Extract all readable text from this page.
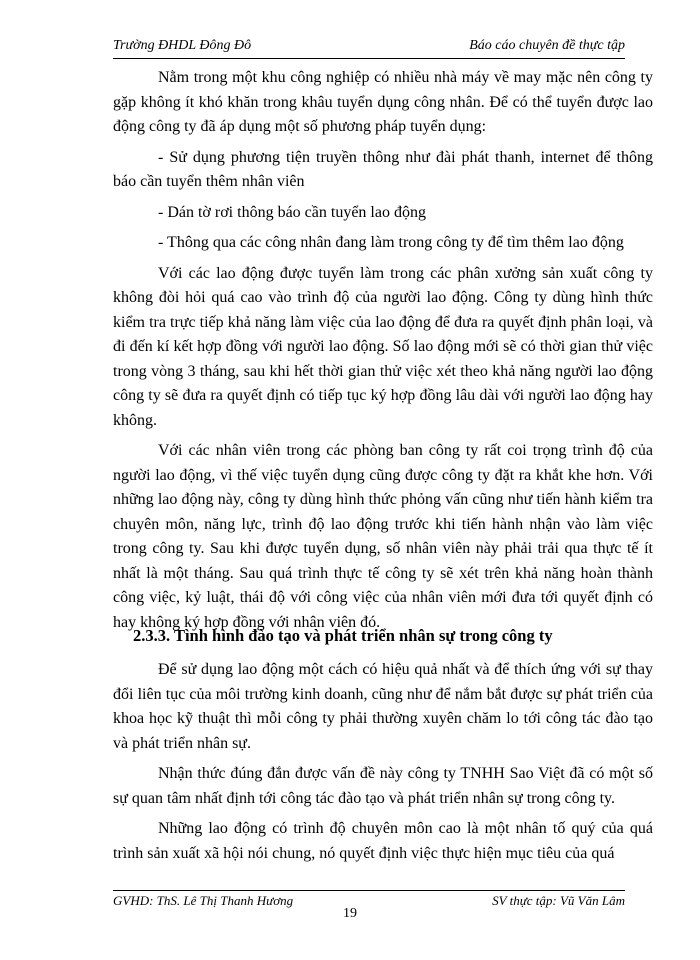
Trường ĐHDL Đông Đô	Báo cáo chuyên đề thực tập

Nằm trong một khu công nghiệp có nhiều nhà máy về may mặc nên công ty gặp không ít khó khăn trong khâu tuyển dụng công nhân. Để có thể tuyển được lao động công ty đã áp dụng một số phương pháp tuyển dụng:

- Sử dụng phương tiện truyền thông như đài phát thanh, internet để thông báo cần tuyển thêm nhân viên

- Dán tờ rơi thông báo cần tuyển lao động

- Thông qua các công nhân đang làm trong công ty để tìm thêm lao động

Với các lao động được tuyển làm trong các phân xưởng sản xuất công ty không đòi hỏi quá cao vào trình độ của người lao động. Công ty dùng hình thức kiểm tra trực tiếp khả năng làm việc của lao động để đưa ra quyết định phân loại, và đi đến kí kết hợp đồng với người lao động. Số lao động mới sẽ có thời gian thử việc trong vòng 3 tháng, sau khi hết thời gian thử việc xét theo khả năng người lao động công ty sẽ đưa ra quyết định có tiếp tục ký hợp đồng lâu dài với người lao động hay không.

Với các nhân viên trong các phòng ban công ty rất coi trọng trình độ của người lao động, vì thế việc tuyển dụng cũng được công ty đặt ra khắt khe hơn. Với những lao động này, công ty dùng hình thức phỏng vấn cũng như tiến hành kiểm tra chuyên môn, năng lực, trình độ lao động trước khi tiến hành nhận vào làm việc trong công ty. Sau khi được tuyển dụng, số nhân viên này phải trải qua thực tế ít nhất là một tháng. Sau quá trình thực tế công ty sẽ xét trên khả năng hoàn thành công việc, kỷ luật, thái độ với công việc của nhân viên mới đưa tới quyết định có hay không ký hợp đồng với nhân viên đó.

2.3.3. Tình hình đào tạo và phát triển nhân sự trong công ty

Để sử dụng lao động một cách có hiệu quả nhất và để thích ứng với sự thay đổi liên tục của môi trường kinh doanh, cũng như để nắm bắt được sự phát triển của khoa học kỹ thuật thì mỗi công ty phải thường xuyên chăm lo tới công tác đào tạo và phát triển nhân sự.

Nhận thức đúng đắn được vấn đề này công ty TNHH Sao Việt đã có một số sự quan tâm nhất định tới công tác đào tạo và phát triển nhân sự trong công ty.

Những lao động có trình độ chuyên môn cao là một nhân tố quý của quá trình sản xuất xã hội nói chung, nó quyết định việc thực hiện mục tiêu của quá

GVHD: ThS. Lê Thị Thanh Hương	SV thực tập: Vũ Văn Lâm
19
